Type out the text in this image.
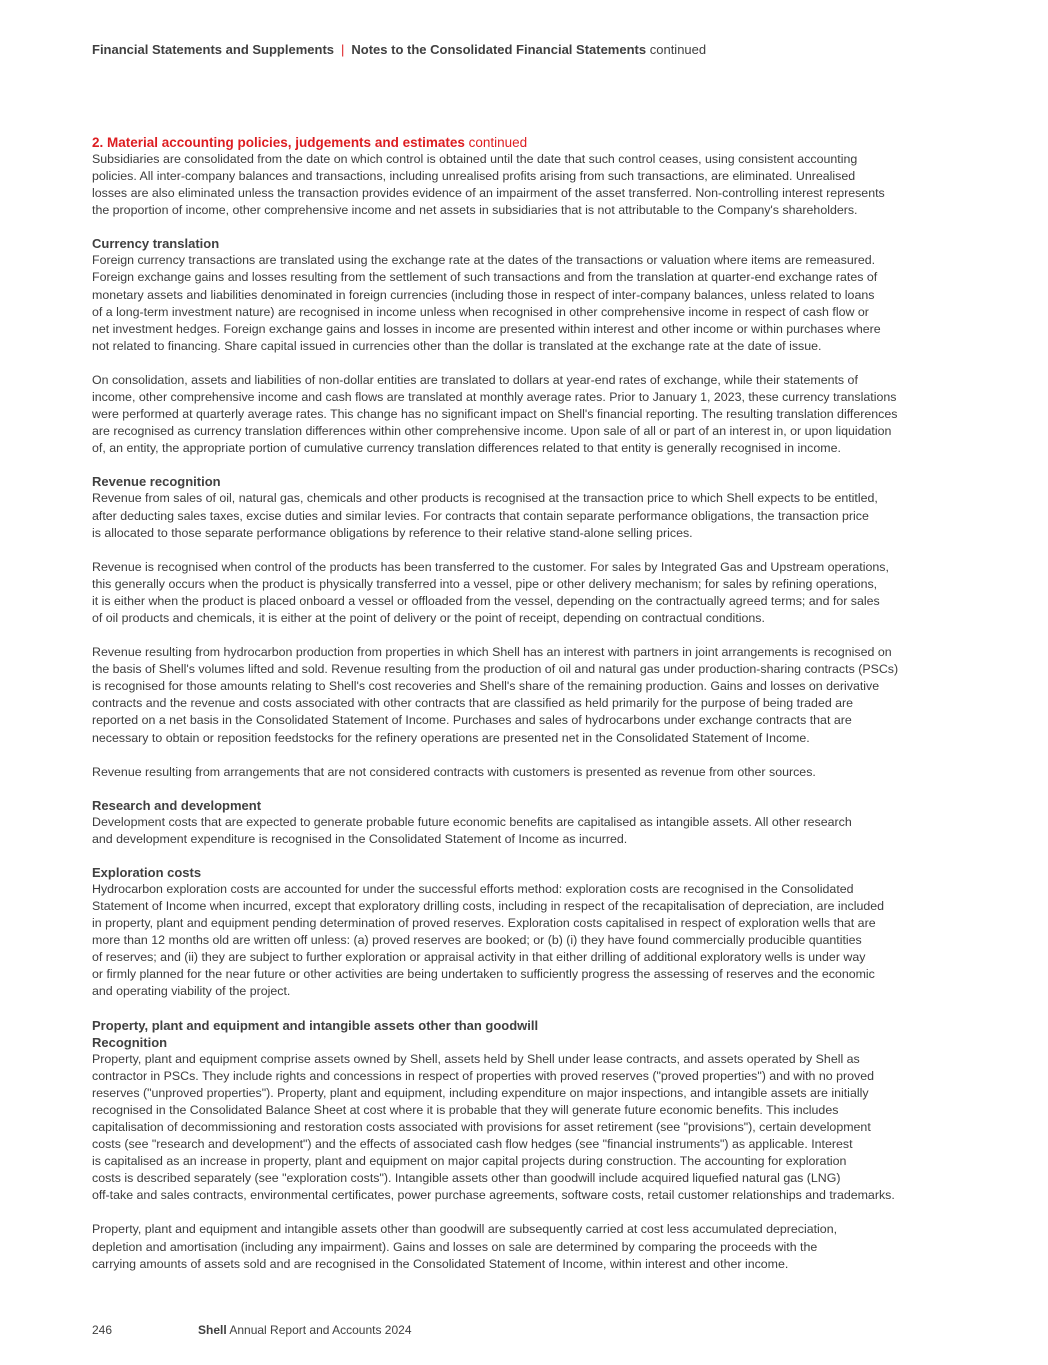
Financial Statements and Supplements | Notes to the Consolidated Financial Statements continued

2. Material accounting policies, judgements and estimates continued

Subsidiaries are consolidated from the date on which control is obtained until the date that such control ceases, using consistent accounting
policies. All inter-company balances and transactions, including unrealised profits arising from such transactions, are eliminated. Unrealised
losses are also eliminated unless the transaction provides evidence of an impairment of the asset transferred. Non-controlling interest represents
the proportion of income, other comprehensive income and net assets in subsidiaries that is not attributable to the Company's shareholders.

Currency translation

Foreign currency transactions are translated using the exchange rate at the dates of the transactions or valuation where items are remeasured.
Foreign exchange gains and losses resulting from the settlement of such transactions and from the translation at quarter-end exchange rates of
monetary assets and liabilities denominated in foreign currencies (including those in respect of inter-company balances, unless related to loans
of a long-term investment nature) are recognised in income unless when recognised in other comprehensive income in respect of cash flow or
net investment hedges. Foreign exchange gains and losses in income are presented within interest and other income or within purchases where
not related to financing. Share capital issued in currencies other than the dollar is translated at the exchange rate at the date of issue.
On consolidation, assets and liabilities of non-dollar entities are translated to dollars at year-end rates of exchange, while their statements of
income, other comprehensive income and cash flows are translated at monthly average rates. Prior to January 1, 2023, these currency translations
were performed at quarterly average rates. This change has no significant impact on Shell's financial reporting. The resulting translation differences
are recognised as currency translation differences within other comprehensive income. Upon sale of all or part of an interest in, or upon liquidation
of, an entity, the appropriate portion of cumulative currency translation differences related to that entity is generally recognised in income.

Revenue recognition

Revenue from sales of oil, natural gas, chemicals and other products is recognised at the transaction price to which Shell expects to be entitled,
after deducting sales taxes, excise duties and similar levies. For contracts that contain separate performance obligations, the transaction price
is allocated to those separate performance obligations by reference to their relative stand-alone selling prices.
Revenue is recognised when control of the products has been transferred to the customer. For sales by Integrated Gas and Upstream operations,
this generally occurs when the product is physically transferred into a vessel, pipe or other delivery mechanism; for sales by refining operations,
it is either when the product is placed onboard a vessel or offloaded from the vessel, depending on the contractually agreed terms; and for sales
of oil products and chemicals, it is either at the point of delivery or the point of receipt, depending on contractual conditions.
Revenue resulting from hydrocarbon production from properties in which Shell has an interest with partners in joint arrangements is recognised on
the basis of Shell's volumes lifted and sold. Revenue resulting from the production of oil and natural gas under production-sharing contracts (PSCs)
is recognised for those amounts relating to Shell's cost recoveries and Shell's share of the remaining production. Gains and losses on derivative
contracts and the revenue and costs associated with other contracts that are classified as held primarily for the purpose of being traded are
reported on a net basis in the Consolidated Statement of Income. Purchases and sales of hydrocarbons under exchange contracts that are
necessary to obtain or reposition feedstocks for the refinery operations are presented net in the Consolidated Statement of Income.
Revenue resulting from arrangements that are not considered contracts with customers is presented as revenue from other sources.

Research and development

Development costs that are expected to generate probable future economic benefits are capitalised as intangible assets. All other research
and development expenditure is recognised in the Consolidated Statement of Income as incurred.

Exploration costs

Hydrocarbon exploration costs are accounted for under the successful efforts method: exploration costs are recognised in the Consolidated
Statement of Income when incurred, except that exploratory drilling costs, including in respect of the recapitalisation of depreciation, are included
in property, plant and equipment pending determination of proved reserves. Exploration costs capitalised in respect of exploration wells that are
more than 12 months old are written off unless: (a) proved reserves are booked; or (b) (i) they have found commercially producible quantities
of reserves; and (ii) they are subject to further exploration or appraisal activity in that either drilling of additional exploratory wells is under way
or firmly planned for the near future or other activities are being undertaken to sufficiently progress the assessing of reserves and the economic
and operating viability of the project.

Property, plant and equipment and intangible assets other than goodwill

Recognition

Property, plant and equipment comprise assets owned by Shell, assets held by Shell under lease contracts, and assets operated by Shell as
contractor in PSCs. They include rights and concessions in respect of properties with proved reserves ("proved properties") and with no proved
reserves ("unproved properties"). Property, plant and equipment, including expenditure on major inspections, and intangible assets are initially
recognised in the Consolidated Balance Sheet at cost where it is probable that they will generate future economic benefits. This includes
capitalisation of decommissioning and restoration costs associated with provisions for asset retirement (see "provisions"), certain development
costs (see "research and development") and the effects of associated cash flow hedges (see "financial instruments") as applicable. Interest
is capitalised as an increase in property, plant and equipment on major capital projects during construction. The accounting for exploration
costs is described separately (see "exploration costs"). Intangible assets other than goodwill include acquired liquefied natural gas (LNG)
off-take and sales contracts, environmental certificates, power purchase agreements, software costs, retail customer relationships and trademarks.
Property, plant and equipment and intangible assets other than goodwill are subsequently carried at cost less accumulated depreciation,
depletion and amortisation (including any impairment). Gains and losses on sale are determined by comparing the proceeds with the
carrying amounts of assets sold and are recognised in the Consolidated Statement of Income, within interest and other income.
246	Shell Annual Report and Accounts 2024
